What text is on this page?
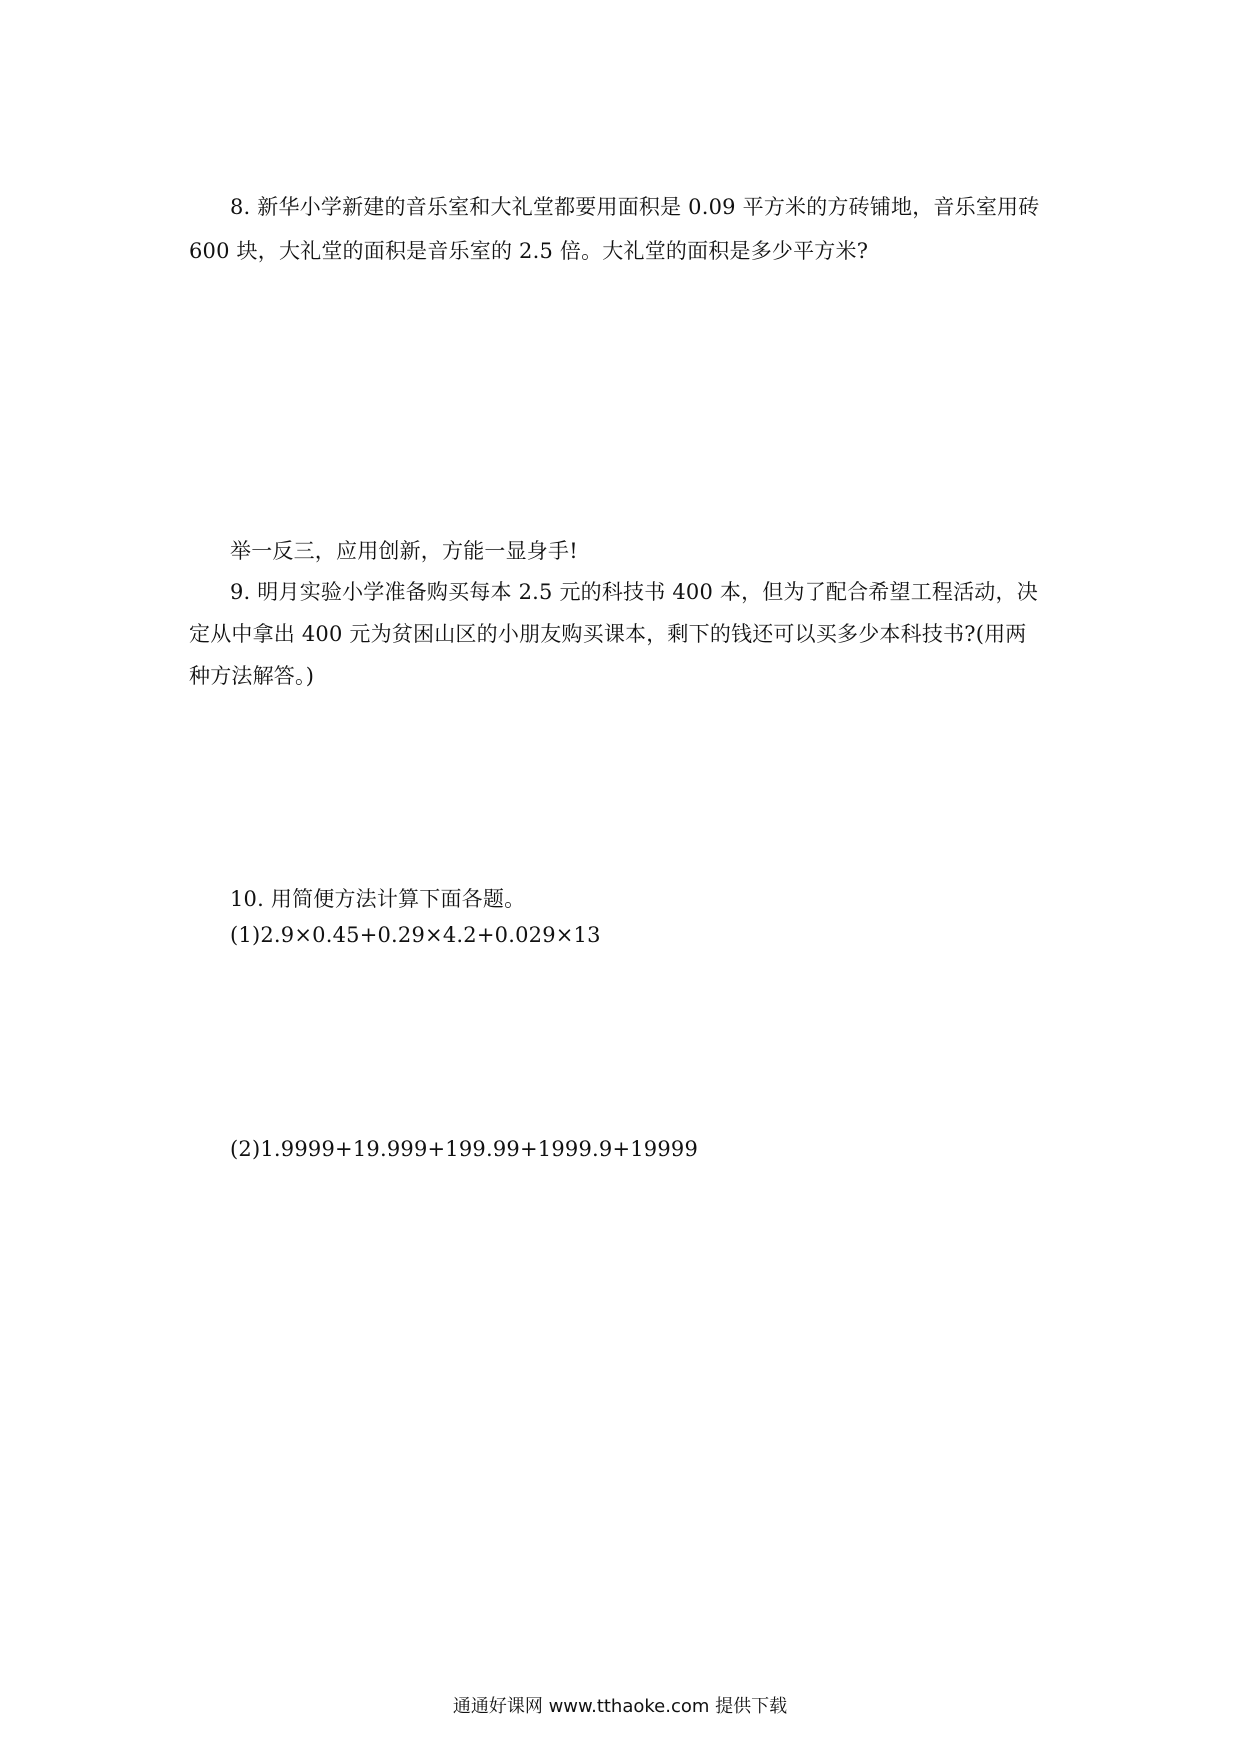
8. 新华小学新建的音乐室和大礼堂都要用面积是 0.09 平方米的方砖铺地，音乐室用砖
600 块，大礼堂的面积是音乐室的 2.5 倍。大礼堂的面积是多少平方米?
举一反三，应用创新，方能一显身手!
9. 明月实验小学准备购买每本 2.5 元的科技书 400 本，但为了配合希望工程活动，决
定从中拿出 400 元为贫困山区的小朋友购买课本，剩下的钱还可以买多少本科技书?(用两
种方法解答。)
10. 用简便方法计算下面各题。
(1)2.9×0.45+0.29×4.2+0.029×13
(2)1.9999+19.999+199.99+1999.9+19999
通通好课网 www.tthaoke.com 提供下载
